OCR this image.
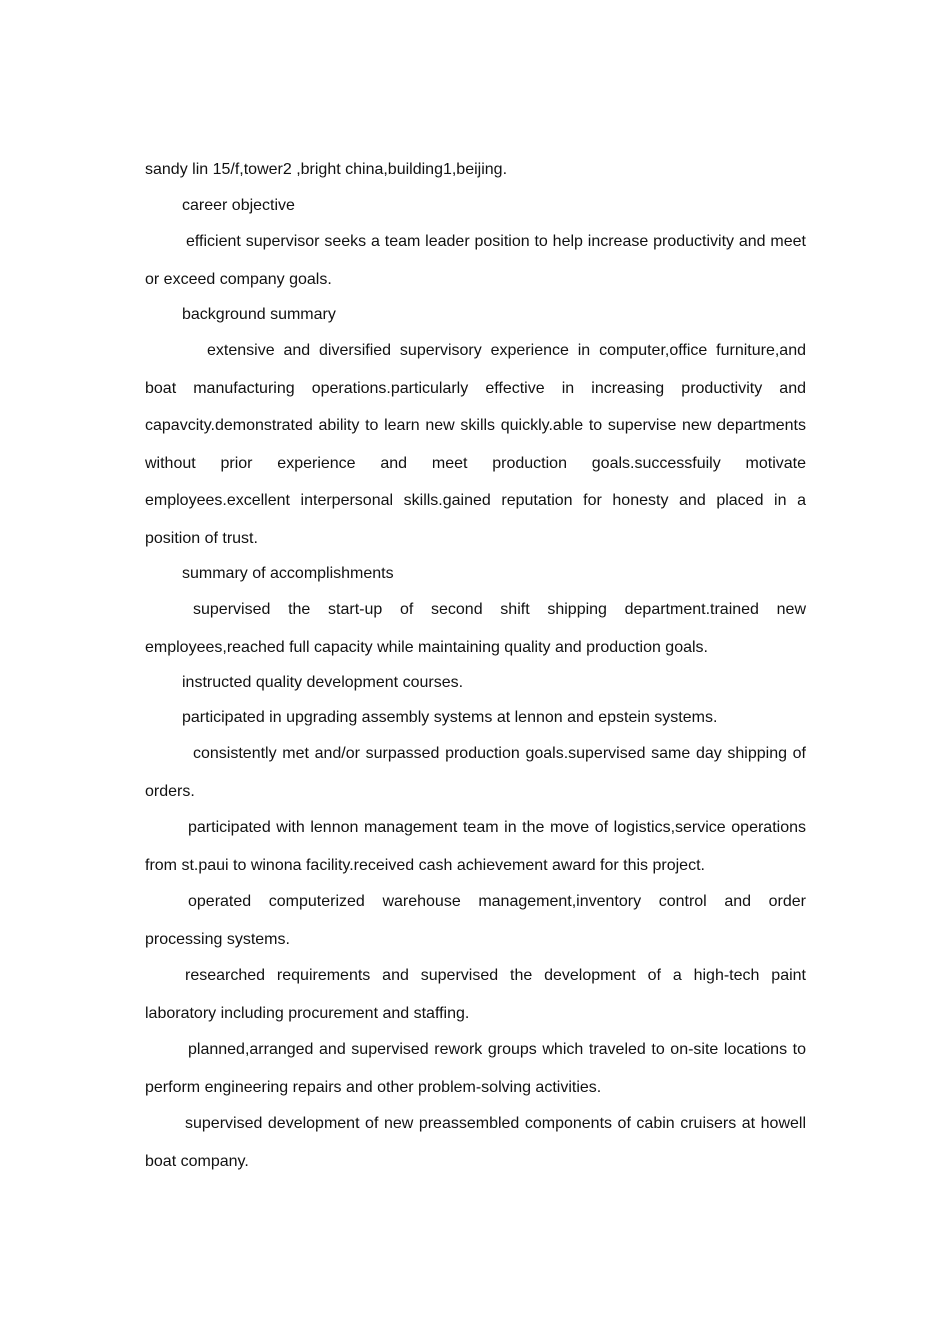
sandy lin 15/f,tower2 ,bright china,building1,beijing.

career objective

efficient supervisor seeks a team leader position to help increase productivity and meet or exceed company goals.

background summary

extensive and diversified supervisory experience in computer,office furniture,and boat manufacturing operations.particularly effective in increasing productivity and capavcity.demonstrated ability to learn new skills quickly.able to supervise new departments without prior experience and meet production goals.successfuily motivate employees.excellent interpersonal skills.gained reputation for honesty and placed in a position of trust.

summary of accomplishments

supervised the start-up of second shift shipping department.trained new employees,reached full capacity while maintaining quality and production goals.

instructed quality development courses.

participated in upgrading assembly systems at lennon and epstein systems.

consistently met and/or surpassed production goals.supervised same day shipping of orders.

participated with lennon management team in the move of logistics,service operations from st.paui to winona facility.received cash achievement award for this project.

operated computerized warehouse management,inventory control and order processing systems.

researched requirements and supervised the development of a high-tech paint laboratory including procurement and staffing.

planned,arranged and supervised rework groups which traveled to on-site locations to perform engineering repairs and other problem-solving activities.

supervised development of new preassembled components of cabin cruisers at howell boat company.
